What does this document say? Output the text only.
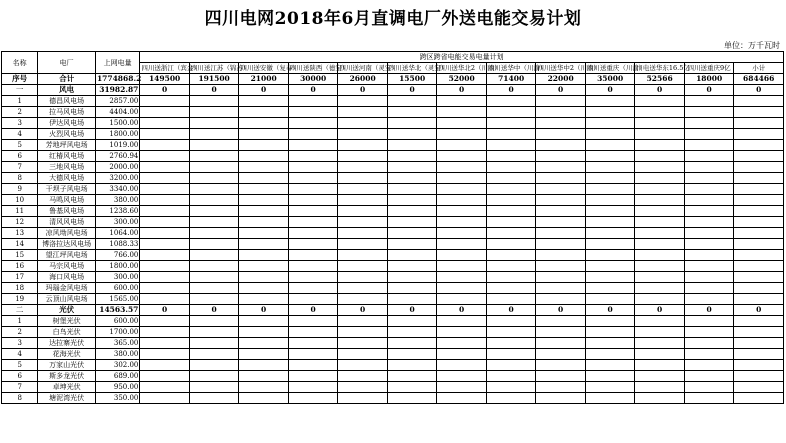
四川电网2018年6月直调电厂外送电能交易计划
单位：万千瓦时
名称	电厂	上网电量	跨区跨省电能交易电量计划												
			四川送浙江（宾金）	四川送江苏（锦苏）	四川送安徽（复奉）	四川送陕西（德宝）	四川送河南（灵宝）	四川送华北（灵宝）	四川送华北2（川渝）	四川送华中（川渝）	四川送华中2（川渝）	四川送重庆（川渝）	川电送华东16.5亿	四川送重庆9亿	小计
序号	合计	1774868.2	149500	191500	21000	30000	26000	15500	52000	71400	22000	35000	52566	18000	684466
一	风电	31982.87	0	0	0	0	0	0	0	0	0	0	0	0	0
1	德昌风电场	2857.00													
2	拉马风电场	4404.00													
3	伊达风电场	1500.00													
4	火烈风电场	1800.00													
5	芳地坪风电场	1019.00													
6	红椿风电场	2760.94													
7	三地风电场	2000.00													
8	大德风电场	3200.00													
9	干坝子风电场	3340.00													
10	马鸣风电场	380.00													
11	鲁基风电场	1238.60													
12	清风风电场	300.00													
13	凉风坳风电场	1064.00													
14	博洛拉达风电场	1088.33													
15	望江坪风电场	766.00													
16	马宗风电场	1800.00													
17	海口风电场	300.00													
18	玛瑙金风电场	600.00													
19	云顶山风电场	1565.00													
二	光伏	14563.57	0	0	0	0	0	0	0	0	0	0	0	0	0
1	树堡光伏	600.00													
2	白鸟光伏	1700.00													
3	达拉寨光伏	365.00													
4	花海光伏	380.00													
5	万家山光伏	302.00													
6	斯多龙光伏	689.00													
7	卓坤光伏	950.00													
8	塘泥湾光伏	350.00													
